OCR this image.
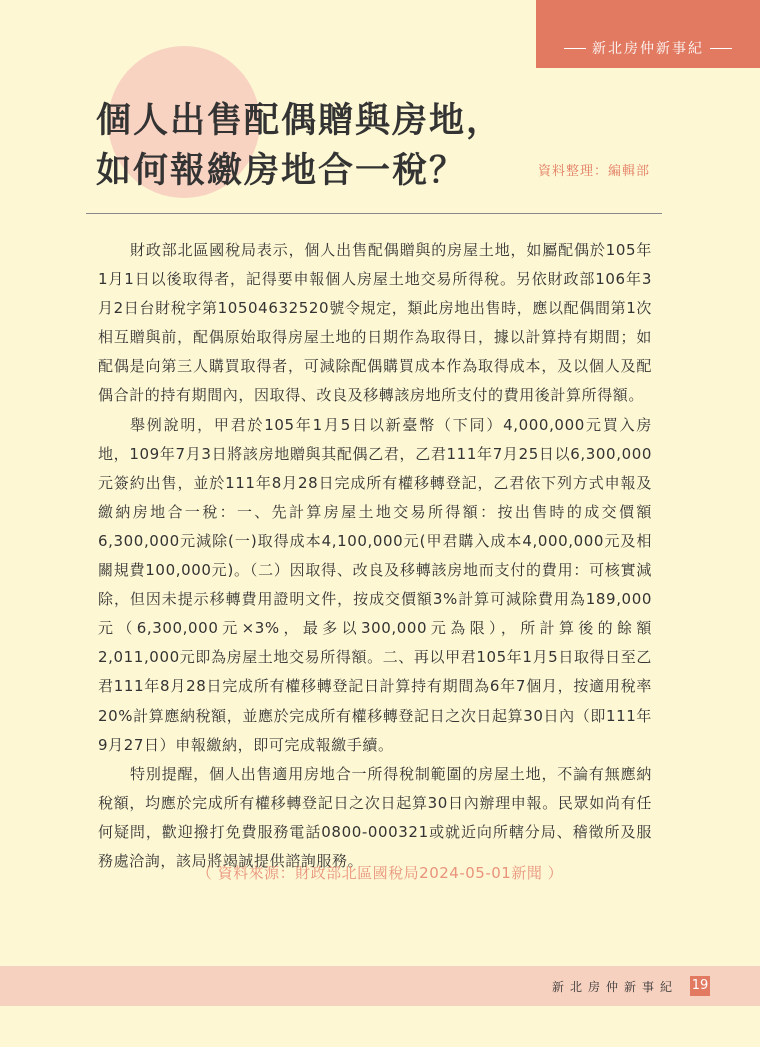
新北房仲新事紀
個人出售配偶贈與房地，
如何報繳房地合一稅？	資料整理：編輯部

財政部北區國稅局表示，個人出售配偶贈與的房屋土地，如屬配偶於105年1月1日以後取得者，記得要申報個人房屋土地交易所得稅。另依財政部106年3月2日台財稅字第10504632520號令規定，類此房地出售時，應以配偶間第1次相互贈與前，配偶原始取得房屋土地的日期作為取得日，據以計算持有期間；如配偶是向第三人購買取得者，可減除配偶購買成本作為取得成本，及以個人及配偶合計的持有期間內，因取得、改良及移轉該房地所支付的費用後計算所得額。

舉例說明，甲君於105年1月5日以新臺幣（下同）4,000,000元買入房地，109年7月3日將該房地贈與其配偶乙君，乙君111年7月25日以6,300,000元簽約出售，並於111年8月28日完成所有權移轉登記，乙君依下列方式申報及繳納房地合一稅：一、先計算房屋土地交易所得額：按出售時的成交價額6,300,000元減除(一)取得成本4,100,000元(甲君購入成本4,000,000元及相關規費100,000元)。（二）因取得、改良及移轉該房地而支付的費用：可核實減除，但因未提示移轉費用證明文件，按成交價額3%計算可減除費用為189,000元（6,300,000元×3%，最多以300,000元為限），所計算後的餘額2,011,000元即為房屋土地交易所得額。二、再以甲君105年1月5日取得日至乙君111年8月28日完成所有權移轉登記日計算持有期間為6年7個月，按適用稅率20%計算應納稅額，並應於完成所有權移轉登記日之次日起算30日內（即111年9月27日）申報繳納，即可完成報繳手續。

特別提醒，個人出售適用房地合一所得稅制範圍的房屋土地，不論有無應納稅額，均應於完成所有權移轉登記日之次日起算30日內辦理申報。民眾如尚有任何疑問，歡迎撥打免費服務電話0800-000321或就近向所轄分局、稽徵所及服務處洽詢，該局將竭誠提供諮詢服務。

（ 資料來源：財政部北區國稅局2024-05-01新聞 ）
新北房仲新事紀 19
